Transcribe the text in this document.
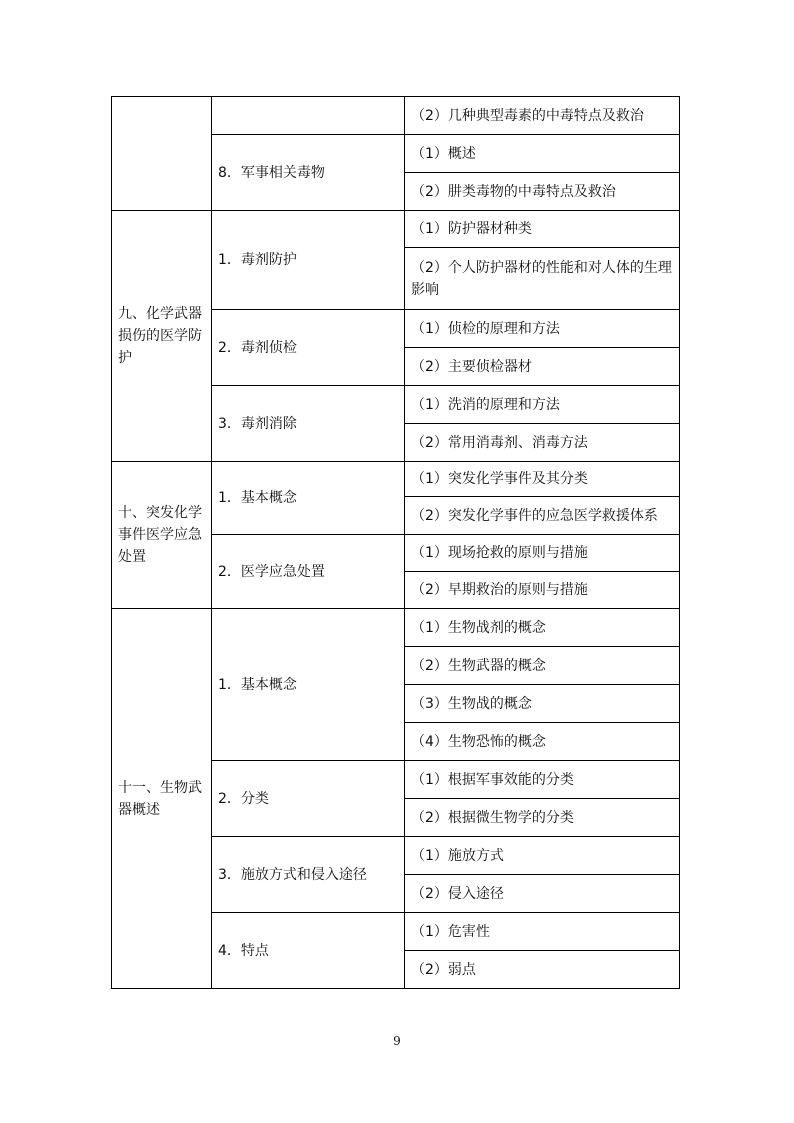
		（2）几种典型毒素的中毒特点及救治
	8．军事相关毒物	（1）概述
		（2）肼类毒物的中毒特点及救治
九、化学武器损伤的医学防护	1．毒剂防护	（1）防护器材种类
		（2）个人防护器材的性能和对人体的生理影响
	2．毒剂侦检	（1）侦检的原理和方法
		（2）主要侦检器材
	3．毒剂消除	（1）洗消的原理和方法
		（2）常用消毒剂、消毒方法
十、突发化学事件医学应急处置	1．基本概念	（1）突发化学事件及其分类
		（2）突发化学事件的应急医学救援体系
	2．医学应急处置	（1）现场抢救的原则与措施
		（2）早期救治的原则与措施
十一、生物武器概述	1．基本概念	（1）生物战剂的概念
		（2）生物武器的概念
		（3）生物战的概念
		（4）生物恐怖的概念
	2．分类	（1）根据军事效能的分类
		（2）根据微生物学的分类
	3．施放方式和侵入途径	（1）施放方式
		（2）侵入途径
	4．特点	（1）危害性
		（2）弱点
9
